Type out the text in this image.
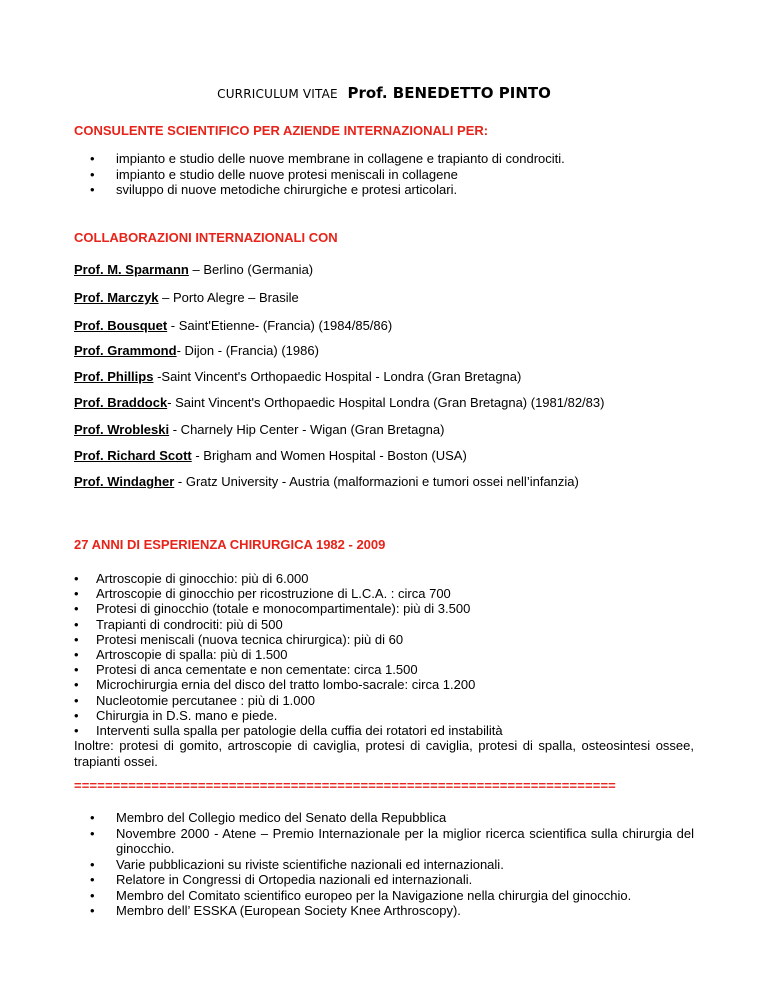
CURRICULUM VITAE Prof. BENEDETTO PINTO
CONSULENTE SCIENTIFICO PER AZIENDE INTERNAZIONALI PER:
• impianto e studio delle nuove membrane in collagene e trapianto di condrociti.
• impianto e studio delle nuove protesi meniscali in collagene
• sviluppo di nuove metodiche chirurgiche e protesi articolari.
COLLABORAZIONI INTERNAZIONALI CON
Prof. M. Sparmann – Berlino (Germania)
Prof. Marczyk – Porto Alegre – Brasile
Prof. Bousquet - Saint'Etienne- (Francia) (1984/85/86)
Prof. Grammond- Dijon - (Francia) (1986)
Prof. Phillips -Saint Vincent's Orthopaedic Hospital - Londra (Gran Bretagna)
Prof. Braddock- Saint Vincent's Orthopaedic Hospital Londra (Gran Bretagna) (1981/82/83)
Prof. Wrobleski - Charnely Hip Center - Wigan (Gran Bretagna)
Prof. Richard Scott - Brigham and Women Hospital - Boston (USA)
Prof. Windagher - Gratz University - Austria (malformazioni e tumori ossei nell’infanzia)
27 ANNI DI ESPERIENZA CHIRURGICA 1982 - 2009
• Artroscopie di ginocchio: più di 6.000
• Artroscopie di ginocchio per ricostruzione di L.C.A. : circa 700
• Protesi di ginocchio (totale e monocompartimentale): più di 3.500
• Trapianti di condrociti: più di 500
• Protesi meniscali (nuova tecnica chirurgica): più di 60
• Artroscopie di spalla: più di 1.500
• Protesi di anca cementate e non cementate: circa 1.500
• Microchirurgia ernia del disco del tratto lombo-sacrale: circa 1.200
• Nucleotomie percutanee : più di 1.000
• Chirurgia in D.S. mano e piede.
• Interventi sulla spalla per patologie della cuffia dei rotatori ed instabilità
Inoltre: protesi di gomito, artroscopie di caviglia, protesi di caviglia, protesi di spalla, osteosintesi ossee, trapianti ossei.
======================================================================
• Membro del Collegio medico del Senato della Repubblica
• Novembre 2000 - Atene – Premio Internazionale per la miglior ricerca scientifica sulla chirurgia del ginocchio.
• Varie pubblicazioni su riviste scientifiche nazionali ed internazionali.
• Relatore in Congressi di Ortopedia nazionali ed internazionali.
• Membro del Comitato scientifico europeo per la Navigazione nella chirurgia del ginocchio.
• Membro dell’ ESSKA (European Society Knee Arthroscopy).
